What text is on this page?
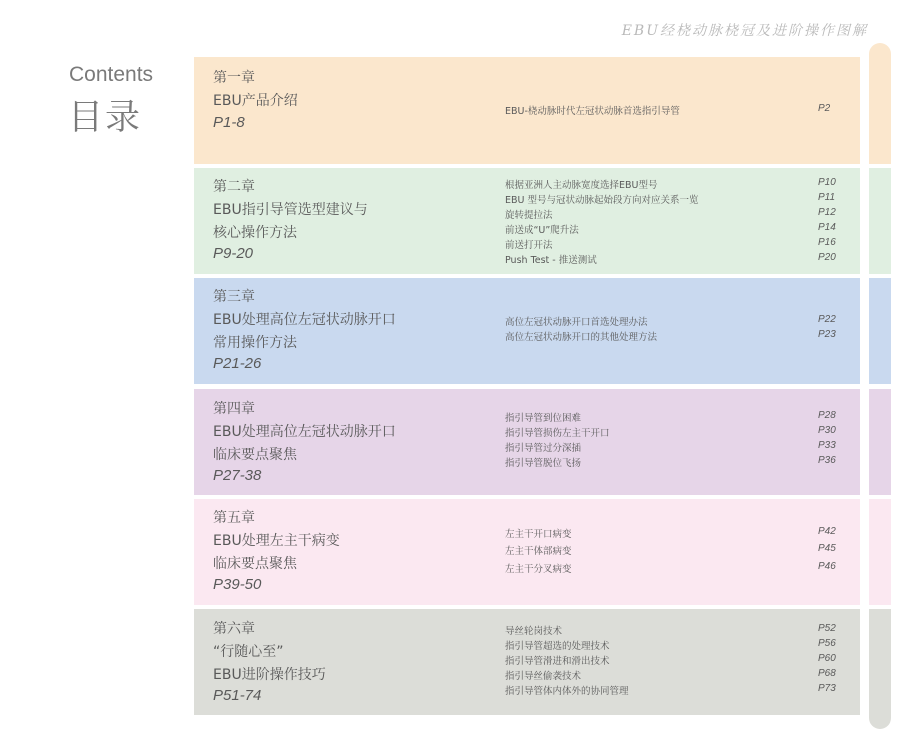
EBU经桡动脉桡冠及进阶操作图解
Contents
目录
第一章
EBU产品介绍
P1-8
EBU-桡动脉时代左冠状动脉首选指引导管	P2
第二章
EBU指引导管选型建议与
核心操作方法
P9-20
根据亚洲人主动脉宽度选择EBU型号	P10
EBU 型号与冠状动脉起始段方向对应关系一览	P11
旋转提拉法	P12
前送成“U”爬升法	P14
前送打开法	P16
Push Test - 推送测试	P20
第三章
EBU处理高位左冠状动脉开口
常用操作方法
P21-26
高位左冠状动脉开口首选处理办法	P22
高位左冠状动脉开口的其他处理方法	P23
第四章
EBU处理高位左冠状动脉开口
临床要点聚焦
P27-38
指引导管到位困难	P28
指引导管损伤左主干开口	P30
指引导管过分深插	P33
指引导管脱位飞扬	P36
第五章
EBU处理左主干病变
临床要点聚焦
P39-50
左主干开口病变	P42
左主干体部病变	P45
左主干分叉病变	P46
第六章
“行随心至”
EBU进阶操作技巧
P51-74
导丝轮岗技术	P52
指引导管超选的处理技术	P56
指引导管滑进和滑出技术	P60
指引导丝偷袭技术	P68
指引导管体内体外的协同管理	P73
